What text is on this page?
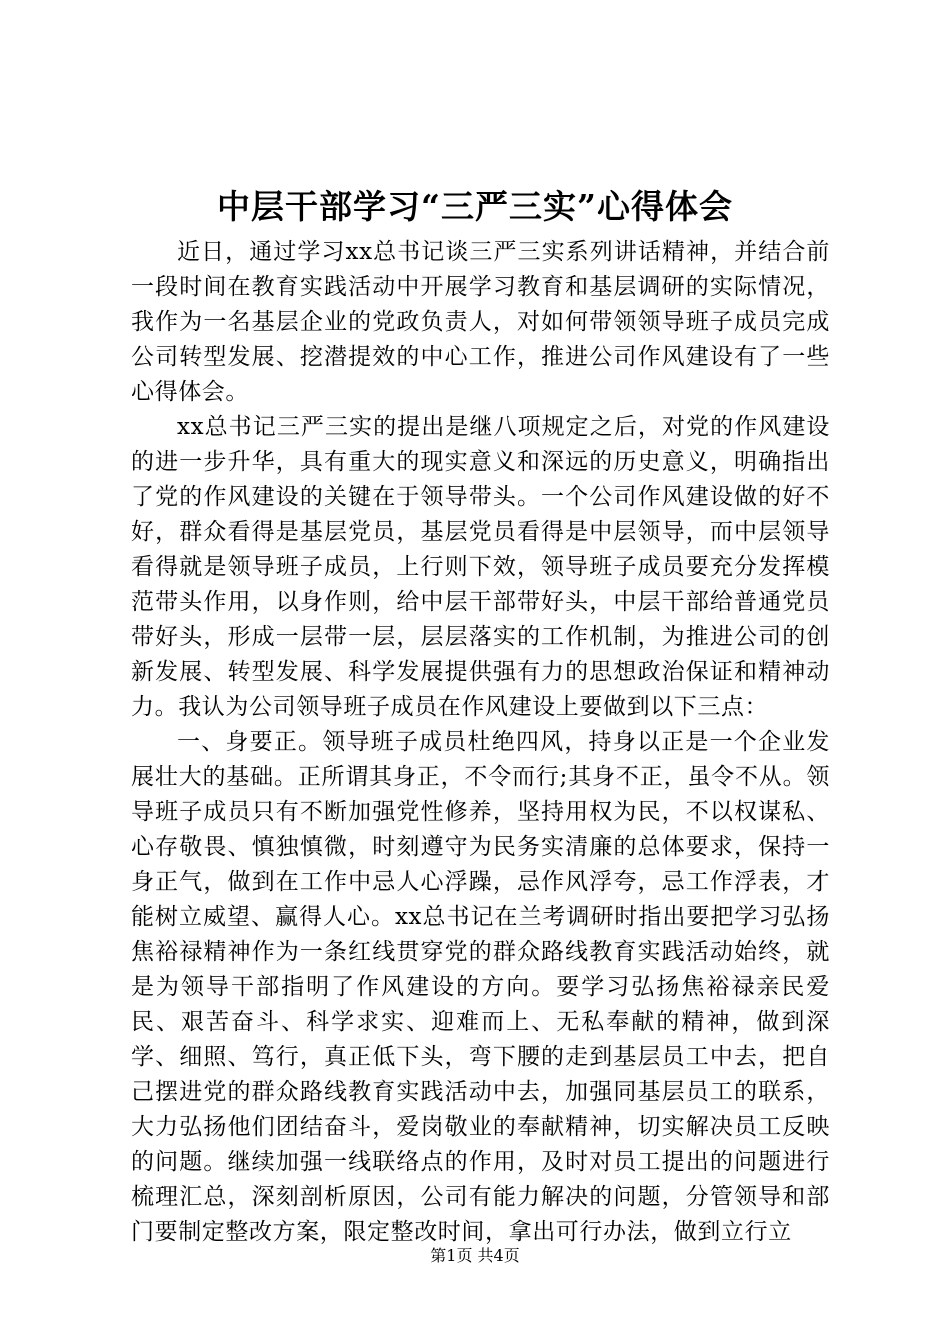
中层干部学习“三严三实”心得体会

近日，通过学习xx总书记谈三严三实系列讲话精神，并结合前一段时间在教育实践活动中开展学习教育和基层调研的实际情况，我作为一名基层企业的党政负责人，对如何带领领导班子成员完成公司转型发展、挖潜提效的中心工作，推进公司作风建设有了一些心得体会。

xx总书记三严三实的提出是继八项规定之后，对党的作风建设的进一步升华，具有重大的现实意义和深远的历史意义，明确指出了党的作风建设的关键在于领导带头。一个公司作风建设做的好不好，群众看得是基层党员，基层党员看得是中层领导，而中层领导看得就是领导班子成员，上行则下效，领导班子成员要充分发挥模范带头作用，以身作则，给中层干部带好头，中层干部给普通党员带好头，形成一层带一层，层层落实的工作机制，为推进公司的创新发展、转型发展、科学发展提供强有力的思想政治保证和精神动力。我认为公司领导班子成员在作风建设上要做到以下三点：

一、身要正。领导班子成员杜绝四风，持身以正是一个企业发展壮大的基础。正所谓其身正，不令而行;其身不正，虽令不从。领导班子成员只有不断加强党性修养，坚持用权为民，不以权谋私、心存敬畏、慎独慎微，时刻遵守为民务实清廉的总体要求，保持一身正气，做到在工作中忌人心浮躁，忌作风浮夸，忌工作浮表，才能树立威望、赢得人心。xx总书记在兰考调研时指出要把学习弘扬焦裕禄精神作为一条红线贯穿党的群众路线教育实践活动始终，就是为领导干部指明了作风建设的方向。要学习弘扬焦裕禄亲民爱民、艰苦奋斗、科学求实、迎难而上、无私奉献的精神，做到深学、细照、笃行，真正低下头，弯下腰的走到基层员工中去，把自己摆进党的群众路线教育实践活动中去，加强同基层员工的联系，大力弘扬他们团结奋斗，爱岗敬业的奉献精神，切实解决员工反映的问题。继续加强一线联络点的作用，及时对员工提出的问题进行梳理汇总，深刻剖析原因，公司有能力解决的问题，分管领导和部门要制定整改方案，限定整改时间，拿出可行办法，做到立行立

第1页 共4页
